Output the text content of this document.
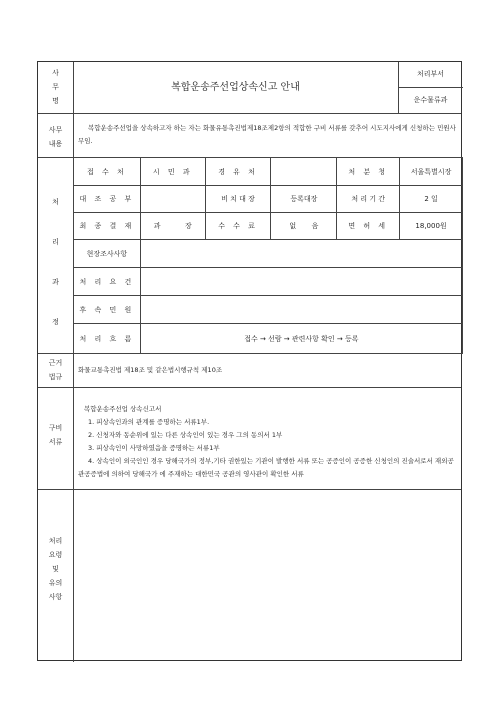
사
무
명
복합운송주선업상속신고 안내
처리부서
운수물류과
사무
내용
복합운송주선업을 상속하고자 하는 자는 화물유통촉진법제18조제2항의 적합한 구비 서류를 갖추어 시도지사에게 신청하는 민원사무임.
처
리
과
정
접 수 처	시 민 과	경 유 처		처 분 청	서울특별시장
대 조 공 부		비 치 대 장	등록대장	처 리 기 간	2 일
최 종 결 재	과           장	수 수 료	없       음	면 허 세	18,000원
현장조사사항					
처 리 요 건					
후 속 민 원					
처 리 흐 름	접수 → 선람 → 관련사항 확인 → 등록				
근거
법규
화물교통촉진법 제18조 및 같은법시행규칙 제10조
구비
서류
복합운송주선업 상속신고서
1. 피상속인과의 관계를 증명하는 서류1부.
2. 신청자와 동순위에 있는 다른 상속인이 있는 경우 그의 동의서 1부
3. 피상속인이 사망하였음을 증명하는 서류1부
4. 상속인이 외국인인 경우 당해국가의 정부,기타 권한있는 기관이 발행한 서류 또는 공증인이 공증한 신청인의 진술서로서 재외공관공증법에 의하여 당해국가 에 주재하는 대한민국 공관의 영사관이 확인한 서류
처리
요령
및
유의
사항
